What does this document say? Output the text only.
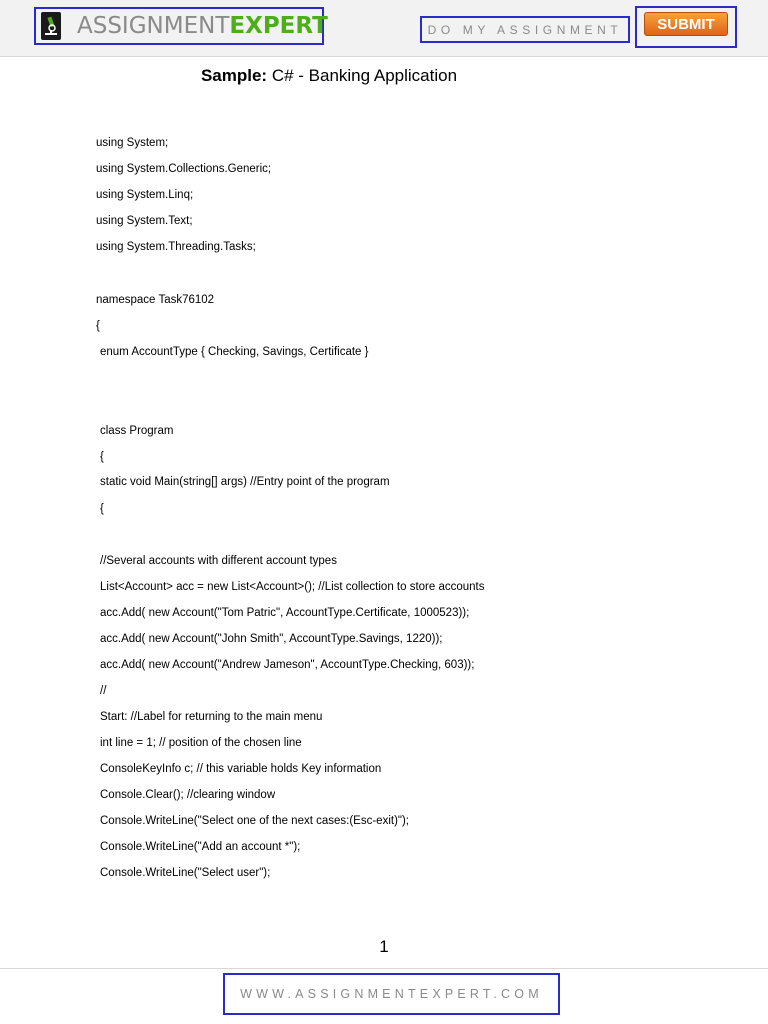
ASSIGNMENTEXPERT	DO MY ASSIGNMENT	SUBMIT
Sample: C# - Banking Application
using System;
using System.Collections.Generic;
using System.Linq;
using System.Text;
using System.Threading.Tasks;
namespace Task76102
{
enum AccountType { Checking, Savings, Certificate }
class Program
{
static void Main(string[] args) //Entry point of the program
{
//Several accounts with different account types
List<Account> acc = new List<Account>(); //List collection to store accounts
acc.Add( new Account("Tom Patric", AccountType.Certificate, 1000523));
acc.Add( new Account("John Smith", AccountType.Savings, 1220));
acc.Add( new Account("Andrew Jameson", AccountType.Checking, 603));
//
Start: //Label for returning to the main menu
int line = 1; // position of the chosen line
ConsoleKeyInfo c; // this variable holds Key information
Console.Clear(); //clearing window
Console.WriteLine("Select one of the next cases:(Esc-exit)");
Console.WriteLine("Add an account *");
Console.WriteLine("Select user");
1
WWW.ASSIGNMENTEXPERT.COM
